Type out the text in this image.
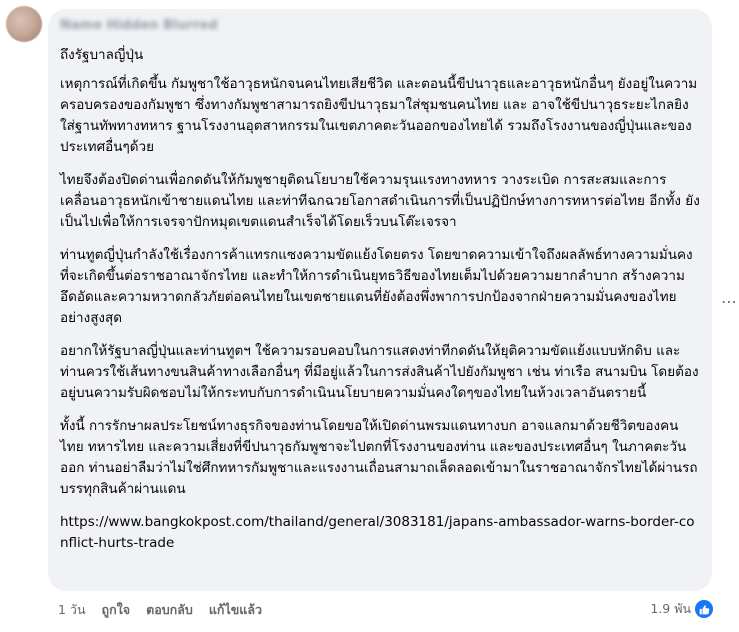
Name Hidden Blurred

ถึงรัฐบาลญี่ปุ่น

เหตุการณ์ที่เกิดขึ้น กัมพูชาใช้อาวุธหนักจนคนไทยเสียชีวิต และตอนนี้ขีปนาวุธและอาวุธหนักอื่นๆ ยังอยู่ในความครอบครองของกัมพูชา ซึ่งทางกัมพูชาสามารถยิงขีปนาวุธมาใส่ชุมชนคนไทย และ อาจใช้ขีปนาวุธระยะไกลยิงใส่ฐานทัพทางทหาร ฐานโรงงานอุตสาหกรรมในเขตภาคตะวันออกของไทยได้ รวมถึงโรงงานของญี่ปุ่นและของประเทศอื่นๆด้วย

ไทยจึงต้องปิดด่านเพื่อกดดันให้กัมพูชายุติดนโยบายใช้ความรุนแรงทางทหาร วางระเบิด การสะสมและการเคลื่อนอาวุธหนักเข้าชายแดนไทย และท่าทีฉกฉวยโอกาสดำเนินการที่เป็นปฏิปักษ์ทางการทหารต่อไทย อีกทั้ง ยังเป็นไปเพื่อให้การเจรจาปักหมุดเขตแดนสำเร็จได้โดยเร็วบนโต๊ะเจรจา

ท่านทูตญี่ปุ่นกำลังใช้เรื่องการค้าแทรกแซงความขัดแย้งโดยตรง โดยขาดความเข้าใจถึงผลลัพธ์ทางความมั่นคงที่จะเกิดขึ้นต่อราชอาณาจักรไทย และทำให้การดำเนินยุทธวิธีของไทยเต็มไปด้วยความยากลำบาก สร้างความอึดอัดและความหวาดกลัวภัยต่อคนไทยในเขตชายแดนที่ยังต้องพึ่งพาการปกป้องจากฝ่ายความมั่นคงของไทยอย่างสูงสุด

อยากให้รัฐบาลญี่ปุ่นและท่านทูตฯ ใช้ความรอบคอบในการแสดงท่าทีกดดันให้ยุติความขัดแย้งแบบหักดิบ และท่านควรใช้เส้นทางขนสินค้าทางเลือกอื่นๆ ที่มีอยู่แล้วในการส่งสินค้าไปยังกัมพูชา เช่น ท่าเรือ สนามบิน โดยต้องอยู่บนความรับผิดชอบไม่ให้กระทบกับการดำเนินนโยบายความมั่นคงใดๆของไทยในห้วงเวลาอันตรายนี้

ทั้งนี้ การรักษาผลประโยชน์ทางธุรกิจของท่านโดยขอให้เปิดด่านพรมแดนทางบก อาจแลกมาด้วยชีวิตของคนไทย ทหารไทย และความเสี่ยงที่ขีปนาวุธกัมพูชาจะไปตกที่โรงงานของท่าน และของประเทศอื่นๆ ในภาคตะวันออก ท่านอย่าลืมว่าไม่ใช่ศึกทหารกัมพูชาและแรงงานเถื่อนสามาถเล็ดลอดเข้ามาในราชอาณาจักรไทยได้ผ่านรถบรรทุกสินค้าผ่านแดน

https://www.bangkokpost.com/thailand/general/3083181/japans-ambassador-warns-border-conflict-hurts-trade

⋯
1 วัน ถูกใจ ตอบกลับ แก้ไขแล้ว	1.9 พัน
